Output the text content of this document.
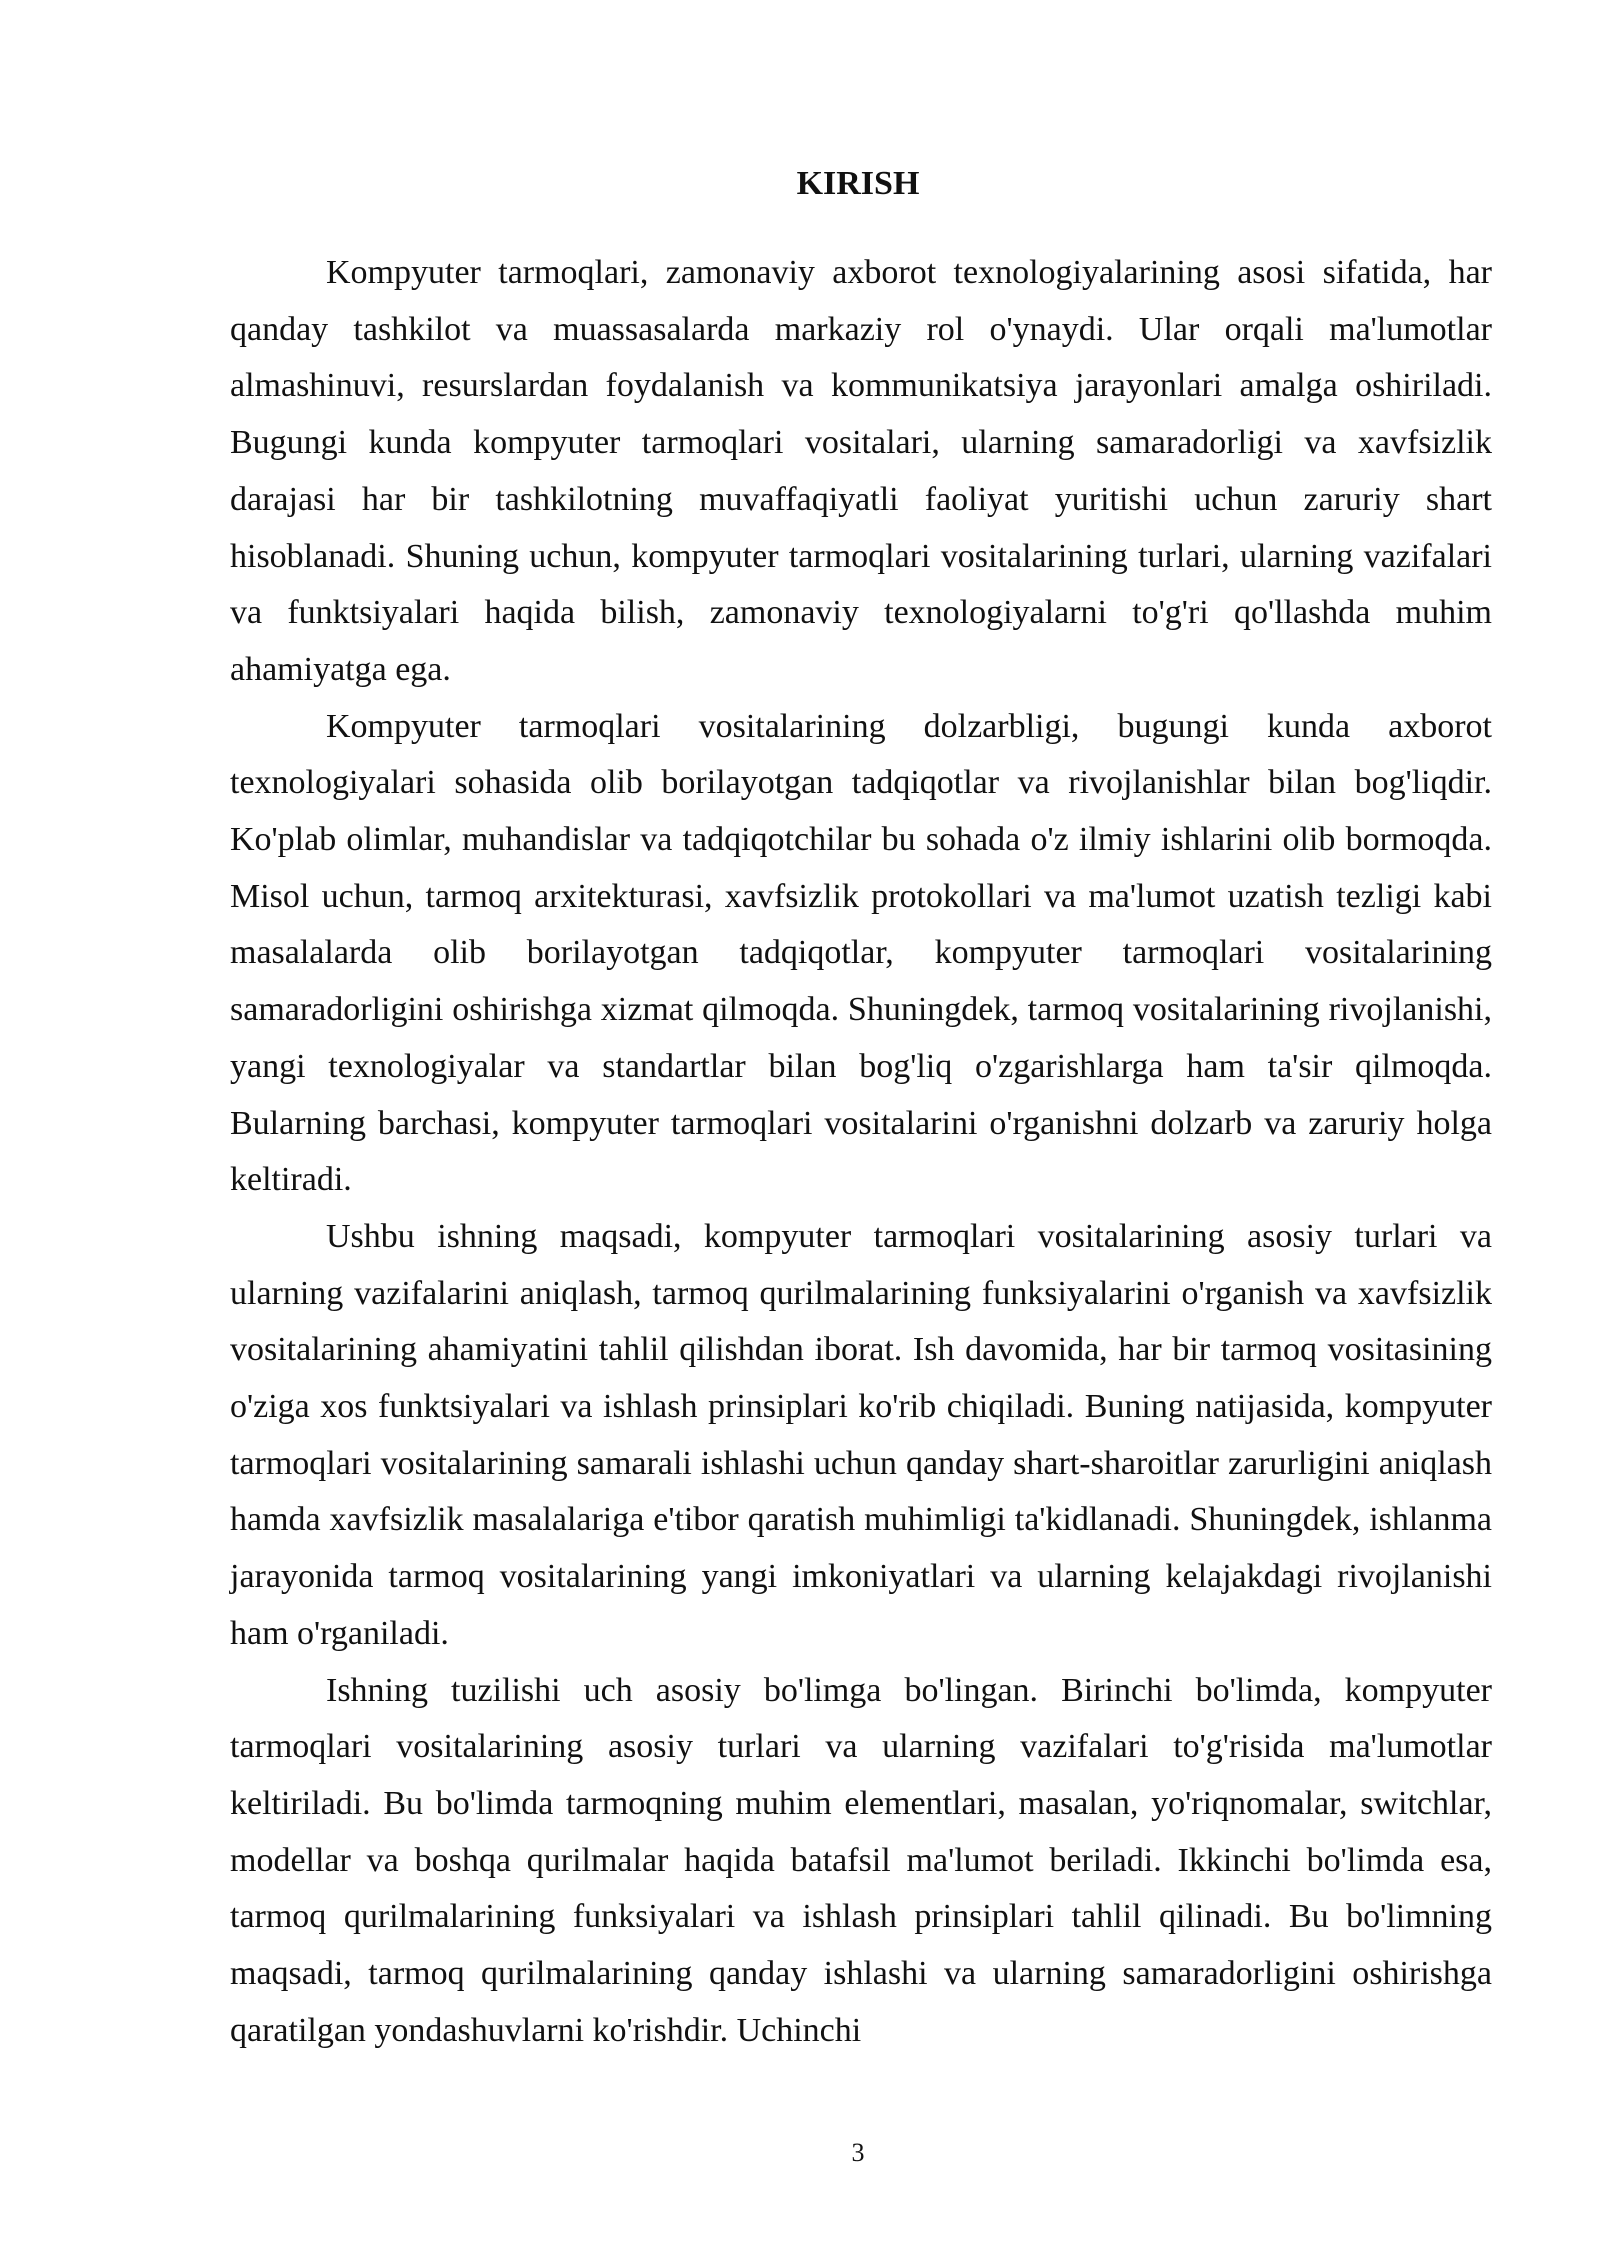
KIRISH

Kompyuter tarmoqlari, zamonaviy axborot texnologiyalarining asosi sifatida, har qanday tashkilot va muassasalarda markaziy rol o'ynaydi. Ular orqali ma'lumotlar almashinuvi, resurslardan foydalanish va kommunikatsiya jarayonlari amalga oshiriladi. Bugungi kunda kompyuter tarmoqlari vositalari, ularning samaradorligi va xavfsizlik darajasi har bir tashkilotning muvaffaqiyatli faoliyat yuritishi uchun zaruriy shart hisoblanadi. Shuning uchun, kompyuter tarmoqlari vositalarining turlari, ularning vazifalari va funktsiyalari haqida bilish, zamonaviy texnologiyalarni to'g'ri qo'llashda muhim ahamiyatga ega.

Kompyuter tarmoqlari vositalarining dolzarbligi, bugungi kunda axborot texnologiyalari sohasida olib borilayotgan tadqiqotlar va rivojlanishlar bilan bog'liqdir. Ko'plab olimlar, muhandislar va tadqiqotchilar bu sohada o'z ilmiy ishlarini olib bormoqda. Misol uchun, tarmoq arxitekturasi, xavfsizlik protokollari va ma'lumot uzatish tezligi kabi masalalarda olib borilayotgan tadqiqotlar, kompyuter tarmoqlari vositalarining samaradorligini oshirishga xizmat qilmoqda. Shuningdek, tarmoq vositalarining rivojlanishi, yangi texnologiyalar va standartlar bilan bog'liq o'zgarishlarga ham ta'sir qilmoqda. Bularning barchasi, kompyuter tarmoqlari vositalarini o'rganishni dolzarb va zaruriy holga keltiradi.

Ushbu ishning maqsadi, kompyuter tarmoqlari vositalarining asosiy turlari va ularning vazifalarini aniqlash, tarmoq qurilmalarining funksiyalarini o'rganish va xavfsizlik vositalarining ahamiyatini tahlil qilishdan iborat. Ish davomida, har bir tarmoq vositasining o'ziga xos funktsiyalari va ishlash prinsiplari ko'rib chiqiladi. Buning natijasida, kompyuter tarmoqlari vositalarining samarali ishlashi uchun qanday shart-sharoitlar zarurligini aniqlash hamda xavfsizlik masalalariga e'tibor qaratish muhimligi ta'kidlanadi. Shuningdek, ishlanma jarayonida tarmoq vositalarining yangi imkoniyatlari va ularning kelajakdagi rivojlanishi ham o'rganiladi.

Ishning tuzilishi uch asosiy bo'limga bo'lingan. Birinchi bo'limda, kompyuter tarmoqlari vositalarining asosiy turlari va ularning vazifalari to'g'risida ma'lumotlar keltiriladi. Bu bo'limda tarmoqning muhim elementlari, masalan, yo'riqnomalar, switchlar, modellar va boshqa qurilmalar haqida batafsil ma'lumot beriladi. Ikkinchi bo'limda esa, tarmoq qurilmalarining funksiyalari va ishlash prinsiplari tahlil qilinadi. Bu bo'limning maqsadi, tarmoq qurilmalarining qanday ishlashi va ularning samaradorligini oshirishga qaratilgan yondashuvlarni ko'rishdir. Uchinchi

3
